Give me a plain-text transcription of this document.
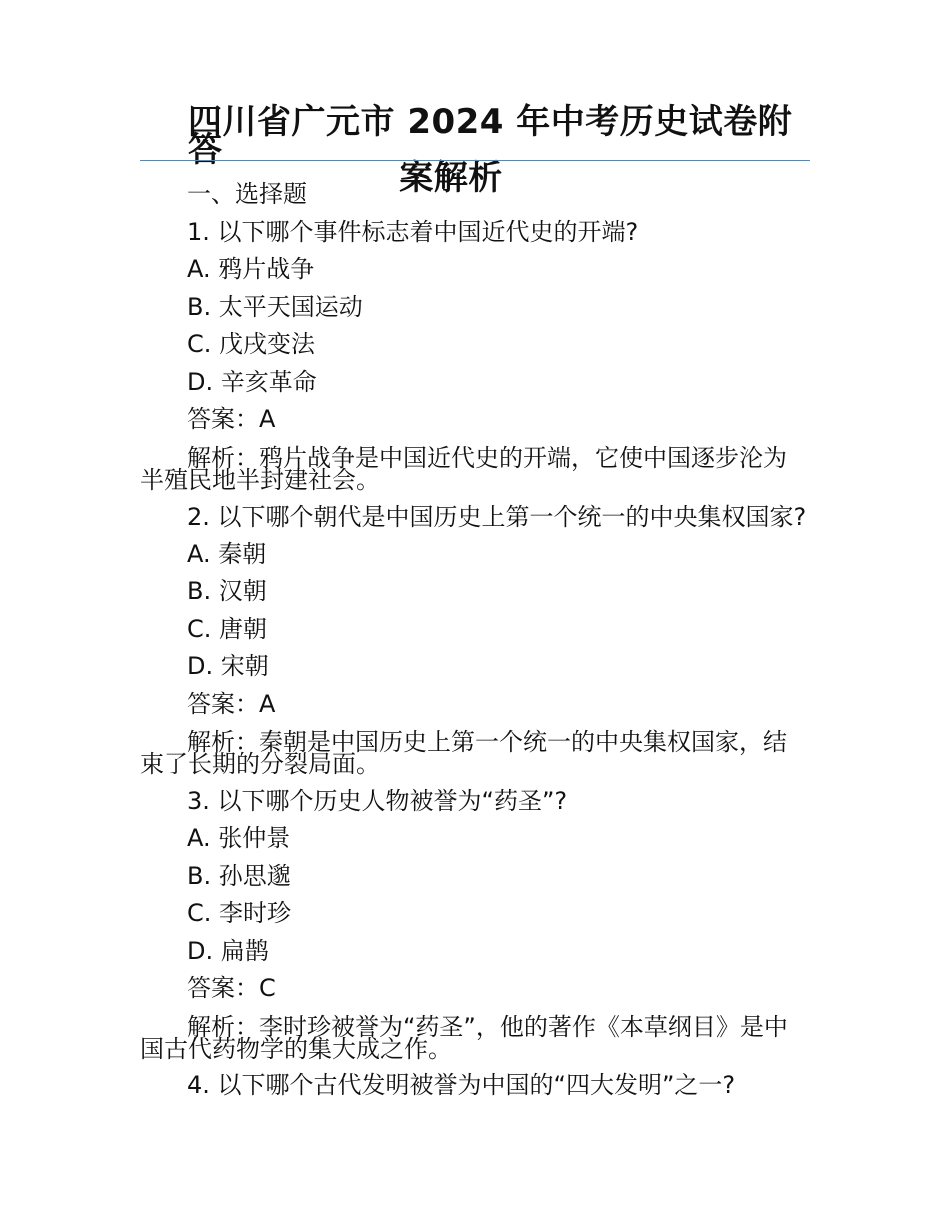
四川省广元市 2024 年中考历史试卷附答
案解析

一、选择题

1. 以下哪个事件标志着中国近代史的开端?

A. 鸦片战争

B. 太平天国运动

C. 戊戌变法

D. 辛亥革命

答案：A

解析：鸦片战争是中国近代史的开端，它使中国逐步沦为半殖民地半封建社会。

2. 以下哪个朝代是中国历史上第一个统一的中央集权国家?

A. 秦朝

B. 汉朝

C. 唐朝

D. 宋朝

答案：A

解析：秦朝是中国历史上第一个统一的中央集权国家，结束了长期的分裂局面。

3. 以下哪个历史人物被誉为“药圣”?

A. 张仲景

B. 孙思邈

C. 李时珍

D. 扁鹊

答案：C

解析：李时珍被誉为“药圣”，他的著作《本草纲目》是中国古代药物学的集大成之作。

4. 以下哪个古代发明被誉为中国的“四大发明”之一?
